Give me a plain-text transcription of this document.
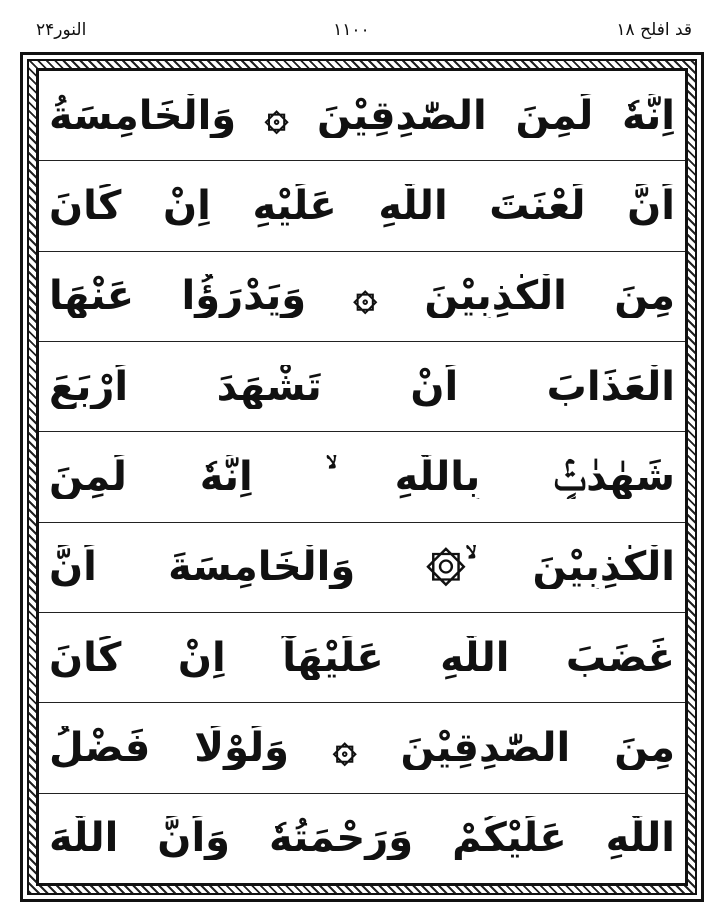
النور۲۴	۱۱۰۰	قد افلح ۱۸
اِنَّهٗ لَمِنَ الصّٰدِقِيْنَ ۞ وَالْخَامِسَةُ
اَنَّ لَعْنَتَ اللّٰهِ عَلَيْهِ اِنْ كَانَ
مِنَ الْكٰذِبِيْنَ ۞ وَيَدْرَؤُا عَنْهَا
الْعَذَابَ اَنْ تَشْهَدَ اَرْبَعَ
شَهٰدٰتٍۢ بِاللّٰهِ ۙ اِنَّهٗ لَمِنَ
الْكٰذِبِيْنَ ۙ۞ وَالْخَامِسَةَ اَنَّ
غَضَبَ اللّٰهِ عَلَيْهَآ اِنْ كَانَ
مِنَ الصّٰدِقِيْنَ ۞ وَلَوْلَا فَضْلُ
اللّٰهِ عَلَيْكُمْ وَرَحْمَتُهٗ وَاَنَّ اللّٰهَ
